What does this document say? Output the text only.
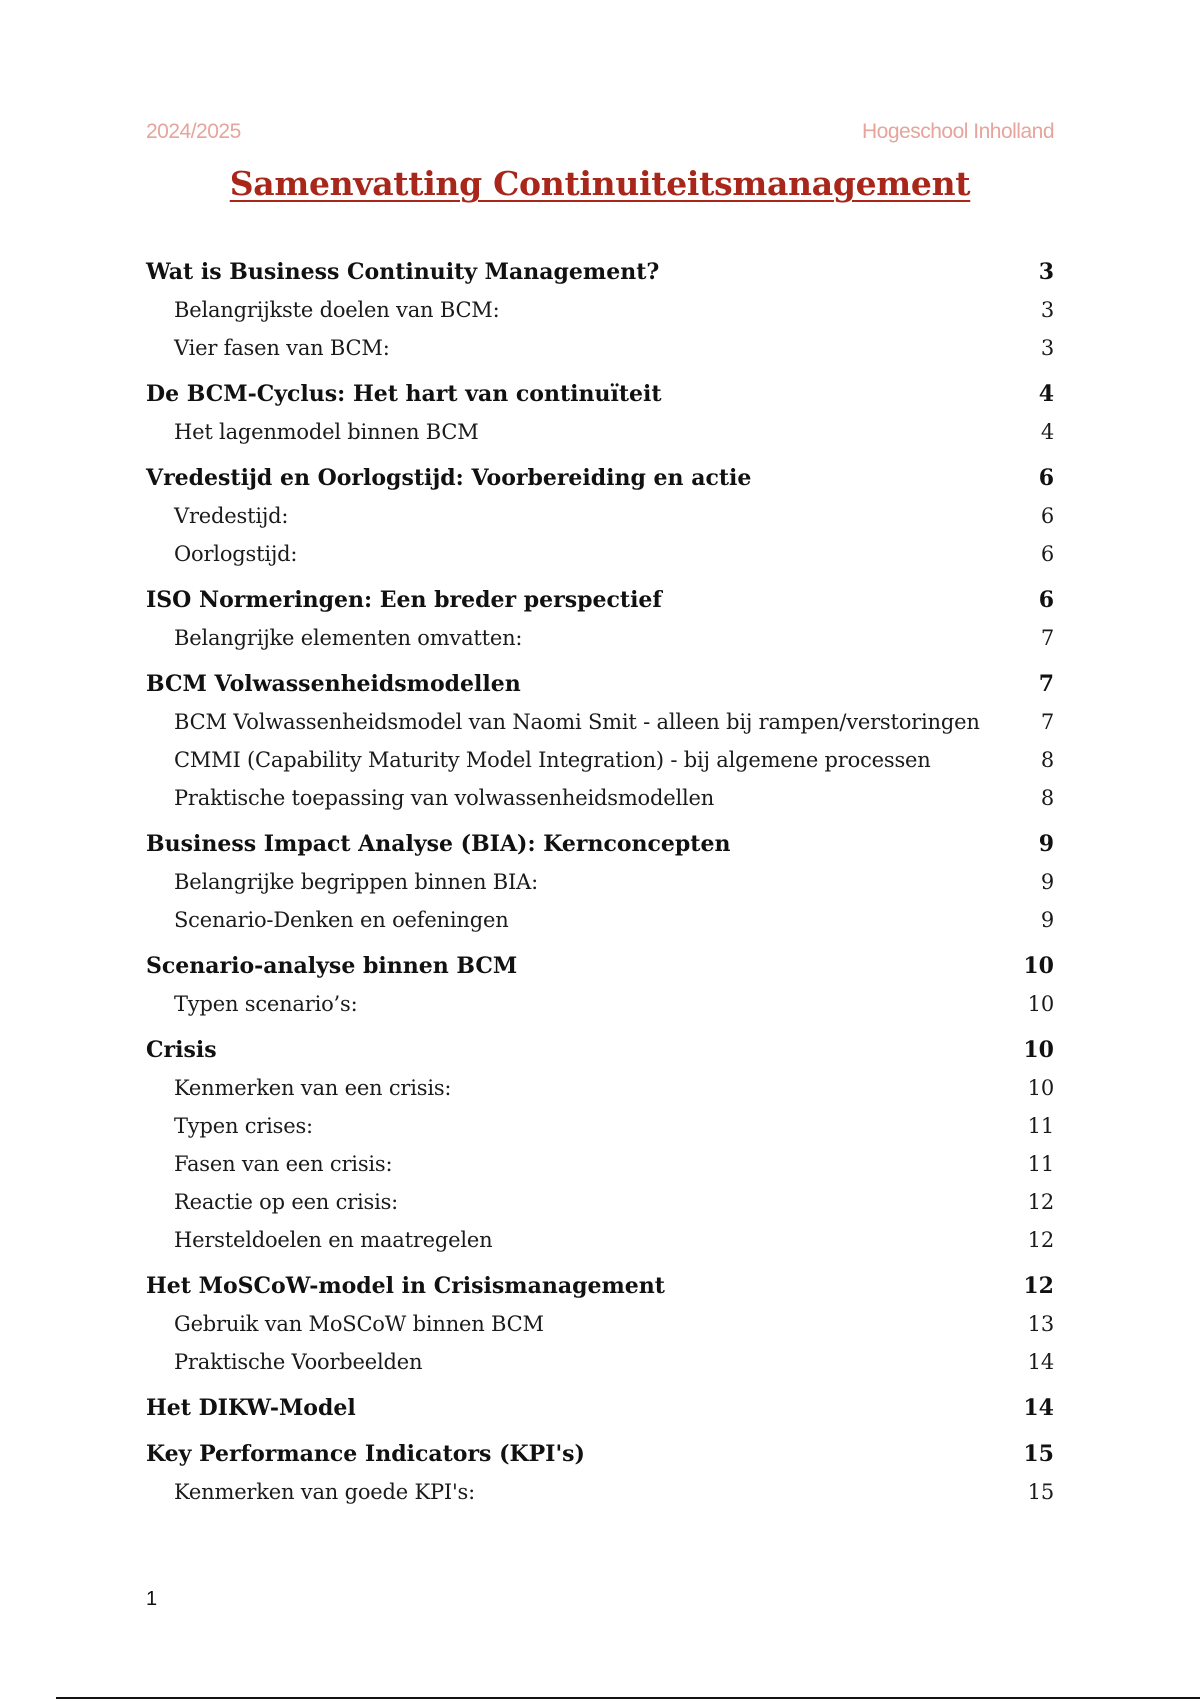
2024/2025	Hogeschool Inholland
Samenvatting Continuiteitsmanagement
Wat is Business Continuity Management?	3
Belangrijkste doelen van BCM:	3
Vier fasen van BCM:	3
De BCM-Cyclus: Het hart van continuïteit	4
Het lagenmodel binnen BCM	4
Vredestijd en Oorlogstijd: Voorbereiding en actie	6
Vredestijd:	6
Oorlogstijd:	6
ISO Normeringen: Een breder perspectief	6
Belangrijke elementen omvatten:	7
BCM Volwassenheidsmodellen	7
BCM Volwassenheidsmodel van Naomi Smit - alleen bij rampen/verstoringen	7
CMMI (Capability Maturity Model Integration) - bij algemene processen	8
Praktische toepassing van volwassenheidsmodellen	8
Business Impact Analyse (BIA): Kernconcepten	9
Belangrijke begrippen binnen BIA:	9
Scenario-Denken en oefeningen	9
Scenario-analyse binnen BCM	10
Typen scenario’s:	10
Crisis	10
Kenmerken van een crisis:	10
Typen crises:	11
Fasen van een crisis:	11
Reactie op een crisis:	12
Hersteldoelen en maatregelen	12
Het MoSCoW-model in Crisismanagement	12
Gebruik van MoSCoW binnen BCM	13
Praktische Voorbeelden	14
Het DIKW-Model	14
Key Performance Indicators (KPI's)	15
Kenmerken van goede KPI's:	15
1
